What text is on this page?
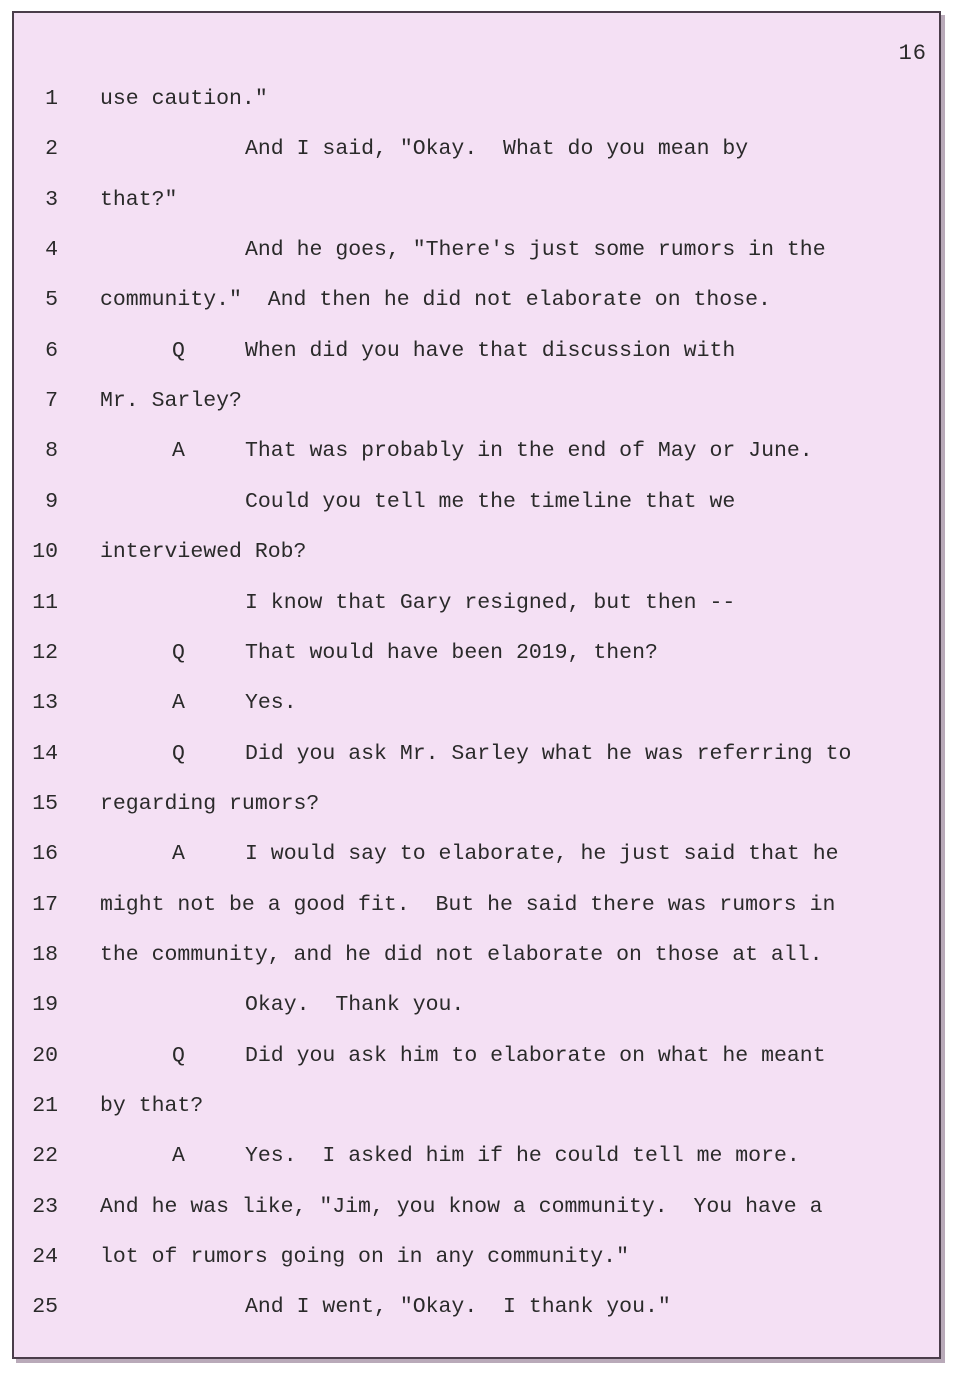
16
1 use caution."
2	And I said, "Okay.  What do you mean by
3 that?"
4	And he goes, "There's just some rumors in the
5 community."  And then he did not elaborate on those.
6	Q	When did you have that discussion with
7 Mr. Sarley?
8	A	That was probably in the end of May or June.
9	Could you tell me the timeline that we
10 interviewed Rob?
11	I know that Gary resigned, but then --
12	Q	That would have been 2019, then?
13	A	Yes.
14	Q	Did you ask Mr. Sarley what he was referring to
15 regarding rumors?
16	A	I would say to elaborate, he just said that he
17 might not be a good fit.  But he said there was rumors in
18 the community, and he did not elaborate on those at all.
19	Okay.  Thank you.
20	Q	Did you ask him to elaborate on what he meant
21 by that?
22	A	Yes.  I asked him if he could tell me more.
23 And he was like, "Jim, you know a community.  You have a
24 lot of rumors going on in any community."
25	And I went, "Okay.  I thank you."
